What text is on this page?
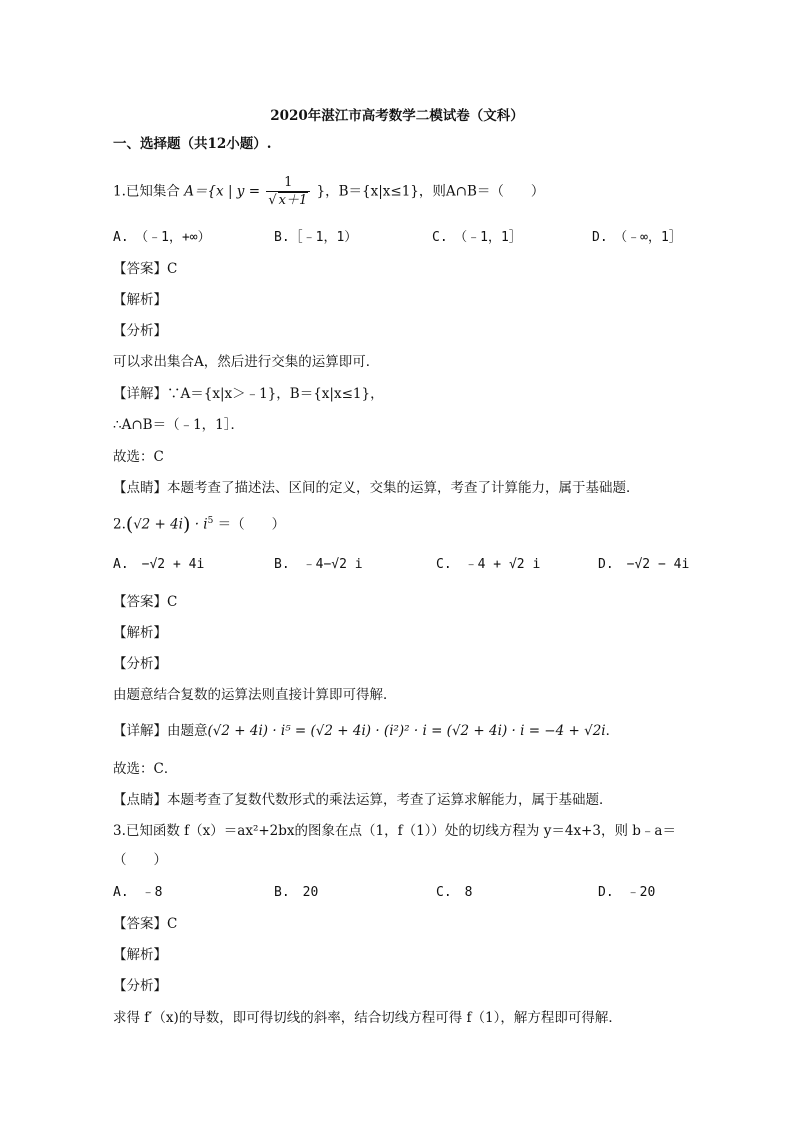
2020年湛江市高考数学二模试卷（文科）
一、选择题（共12小题）.
1.已知集合 A＝{x | $y = \frac{1}{√ x+1}$ }，B＝{x|x≤1}，则A∩B＝（　　）
A.　（﹣1，+∞）	B.［﹣1，1）	C.　（﹣1，1］	D.　（﹣∞，1］
【答案】C
【解析】
【分析】
可以求出集合A，然后进行交集的运算即可．
【详解】∵A＝{x|x＞﹣1}，B＝{x|x≤1}，
∴A∩B＝（﹣1，1］．
故选：C
【点睛】本题考查了描述法、区间的定义，交集的运算，考查了计算能力，属于基础题．
$2.(√2 + 4i) \cdot i^5$ ＝（　　）
A.　−√2 + 4i	B.　﹣4−√2 i	C.　﹣4 + √2 i	D.　−√2 − 4i
【答案】C
【解析】
【分析】
由题意结合复数的运算法则直接计算即可得解．
【详解】由题意(√2 + 4i) · i⁵ = (√2 + 4i) · (i²)² · i = (√2 + 4i) · i = −4 + √2i．
故选：C．
【点睛】本题考查了复数代数形式的乘法运算，考查了运算求解能力，属于基础题．
3.已知函数 f（x）＝ax²+2bx的图象在点（1，f（1））处的切线方程为 y＝4x+3，则 b﹣a＝
（　　）
A.　﹣8	B.　20	C.　8	D.　﹣20
【答案】C
【解析】
【分析】
求得 f′（x)的导数，即可得切线的斜率，结合切线方程可得 f（1），解方程即可得解．
